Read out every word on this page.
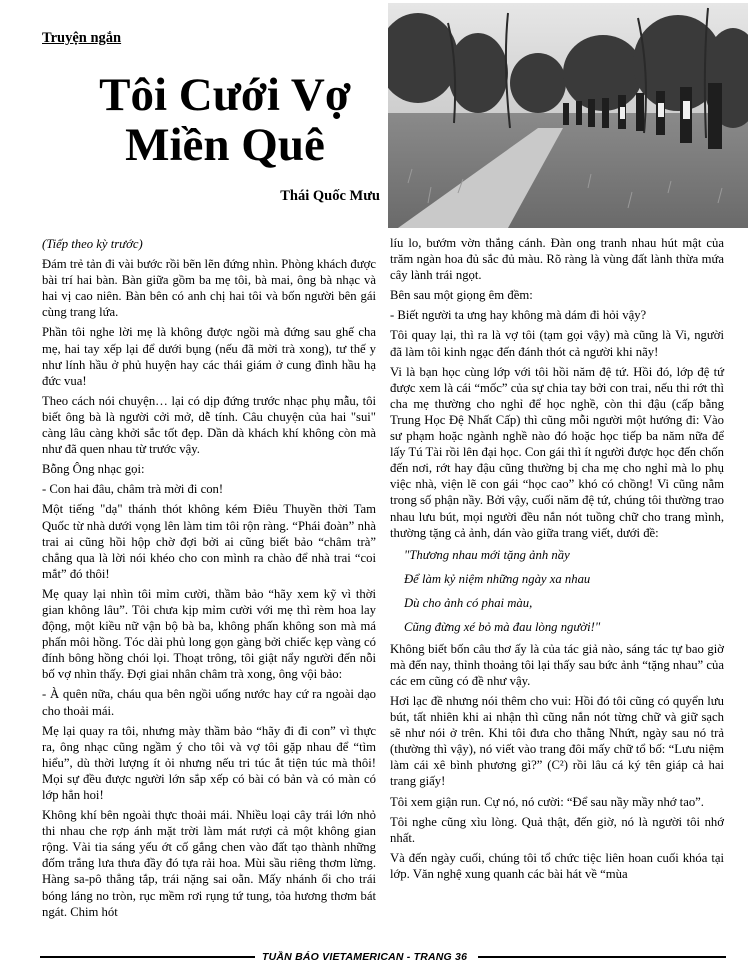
Truyện ngắn
Tôi Cưới Vợ
Miền Quê
Thái Quốc Mưu

(Tiếp theo kỳ trước)

Đám trẻ tản đi vài bước rồi bẽn lẽn đứng nhìn. Phòng khách được bài trí hai bàn. Bàn giữa gồm ba mẹ tôi, bà mai, ông bà nhạc và hai vị cao niên. Bàn bên có anh chị hai tôi và bốn người bên gái cùng trang lứa.

Phần tôi nghe lời mẹ là không được ngồi mà đứng sau ghế cha mẹ, hai tay xếp lại để dưới bụng (nếu đã mời trà xong), tư thế y như lính hầu ở phủ huyện hay các thái giám ở cung đình hầu hạ đức vua!

Theo cách nói chuyện… lại có dịp đứng trước nhạc phụ mẫu, tôi biết ông bà là người cởi mở, dễ tính. Câu chuyện của hai "sui" càng lâu càng khởi sắc tốt đẹp. Dần dà khách khí không còn mà như đã quen nhau từ trước vậy.

Bỗng Ông nhạc gọi:

- Con hai đâu, châm trà mời đi con!

Một tiếng "dạ" thánh thót không kém Điêu Thuyền thời Tam Quốc từ nhà dưới vọng lên làm tim tôi rộn ràng. “Phái đoàn” nhà trai ai cũng hồi hộp chờ đợi bởi ai cũng biết bảo “châm trà” chẳng qua là lời nói khéo cho con mình ra chào để nhà trai “coi mắt” đó thôi!

Mẹ quay lại nhìn tôi mỉm cười, thầm bảo “hãy xem kỹ vì thời gian không lâu”. Tôi chưa kịp mỉm cười với mẹ thì rèm hoa lay động, một kiều nữ vận bộ bà ba, không phấn không son mà má phấn môi hồng. Tóc dài phủ long gọn gàng bởi chiếc kẹp vàng có đính bông hồng chói lọi. Thoạt trông, tôi giật nẩy người đến nỗi bố vợ nhìn thấy. Đợi giai nhân châm trà xong, ông vội bảo:

- À quên nữa, cháu qua bên ngồi uống nước hay cứ ra ngoài dạo cho thoải mái.

Mẹ lại quay ra tôi, nhưng mày thầm bảo “hãy đi đi con” vì thực ra, ông nhạc cũng ngầm ý cho tôi và vợ tôi gặp nhau để “tìm hiểu”, dù thời lượng ít ỏi nhưng nếu tri túc ắt tiện túc mà thôi! Mọi sự đều được người lớn sắp xếp có bài có bản và có màn có lớp hẳn hoi!

Không khí bên ngoài thực thoải mái. Nhiều loại cây trái lớn nhỏ thi nhau che rợp ánh mặt trời làm mát rượi cả một không gian rộng. Vài tia sáng yếu ớt cố gắng chen vào đất tạo thành những đốm trắng lưa thưa đầy đó tựa rải hoa. Mùi sầu riêng thơm lừng. Hàng sa-pô thẳng tắp, trái nặng sai oằn. Mấy nhánh ổi cho trái bóng láng no tròn, rục mềm rơi rụng tứ tung, tỏa hương thơm bát ngát. Chim hót

líu lo, bướm vờn thắng cánh. Đàn ong tranh nhau hút mật của trăm ngàn hoa đủ sắc đủ màu. Rõ ràng là vùng đất lành thừa mứa cây lành trái ngọt.

Bên sau một giọng êm đềm:

- Biết người ta ưng hay không mà dám đi hỏi vậy?

Tôi quay lại, thì ra là vợ tôi (tạm gọi vậy) mà cũng là Vi, người đã làm tôi kinh ngạc đến đánh thót cả người khi nãy!

Vi là bạn học cùng lớp với tôi hồi năm đệ tứ. Hồi đó, lớp đệ tứ được xem là cái “mốc” của sự chia tay bởi con trai, nếu thi rớt thì cha mẹ thường cho nghỉ để học nghề, còn thi đậu (cấp bằng Trung Học Đệ Nhất Cấp) thì cũng mỗi người một hướng đi: Vào sư phạm hoặc ngành nghề nào đó hoặc học tiếp ba năm nữa để lấy Tú Tài rồi lên đại học. Con gái thì ít người được học đến chốn đến nơi, rớt hay đậu cũng thường bị cha mẹ cho nghỉ mà lo phụ việc nhà, viện lẽ con gái “học cao” khó có chồng! Vi cũng nằm trong số phận nầy. Bởi vậy, cuối năm đệ tứ, chúng tôi thường trao nhau lưu bút, mọi người đều nắn nót tuồng chữ cho trang mình, thường tặng cả ảnh, dán vào giữa trang viết, dưới đề:

"Thương nhau mới tặng ảnh nầy

Để làm kỷ niệm những ngày xa nhau

Dù cho ảnh có phai màu,

Cũng đừng xé bỏ mà đau lòng người!"

Không biết bốn câu thơ ấy là của tác giả nào, sáng tác tự bao giờ mà đến nay, thỉnh thoảng tôi lại thấy sau bức ảnh “tặng nhau” của các em cũng có đề như vậy.

Hơi lạc đề nhưng nói thêm cho vui: Hồi đó tôi cũng có quyển lưu bút, tất nhiên khi ai nhận thì cũng nắn nót từng chữ và giữ sạch sẽ như nói ở trên. Khi tôi đưa cho thằng Nhứt, ngày sau nó trả (thường thì vậy), nó viết vào trang đôi mấy chữ tổ bố: “Lưu niệm làm cái xê bình phương gì?” (C²) rồi lâu cá ký tên giáp cả hai trang giấy!

Tôi xem giận run. Cự nó, nó cười: “Để sau nầy mầy nhớ tao”.

Tôi nghe cũng xìu lòng. Quả thật, đến giờ, nó là người tôi nhớ nhất.

Và đến ngày cuối, chúng tôi tổ chức tiệc liên hoan cuối khóa tại lớp. Văn nghệ xung quanh các bài hát về “mùa

TUẦN BÁO VIETAMERICAN - TRANG 36
